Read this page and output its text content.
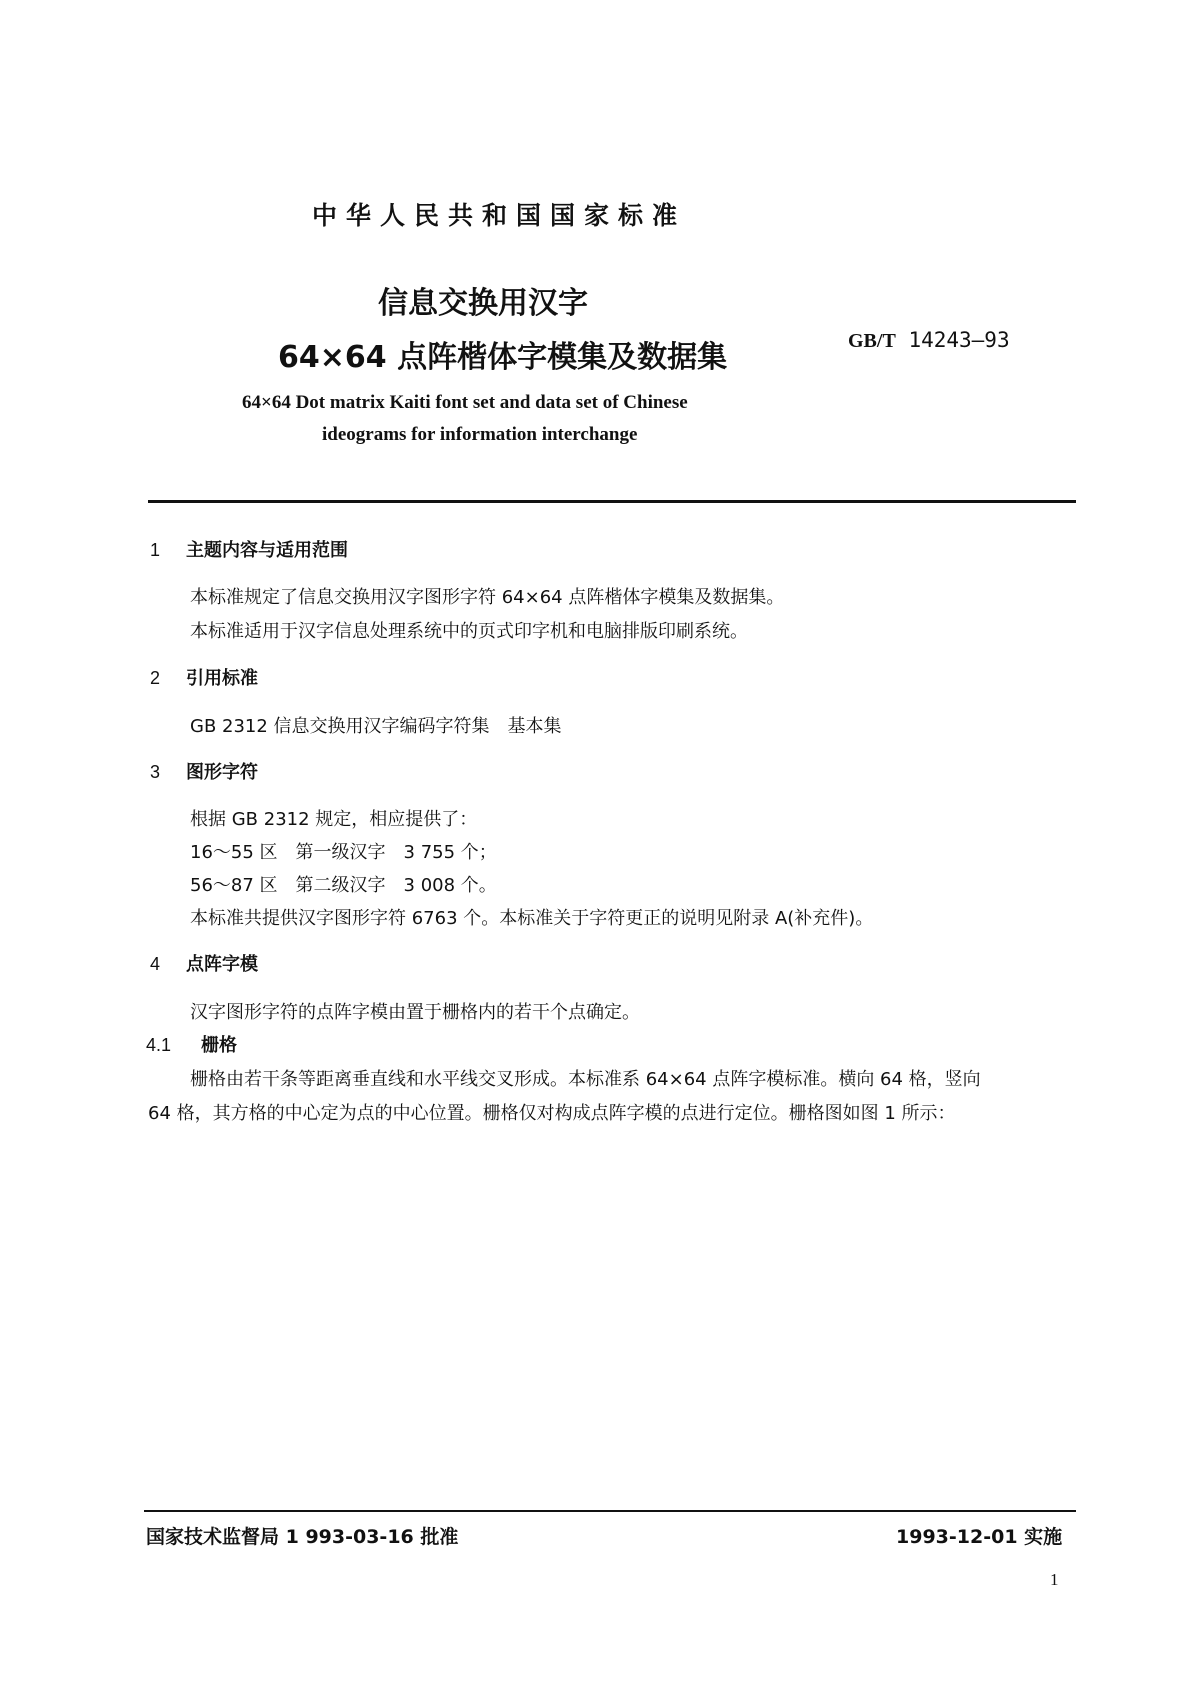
中华人民共和国国家标准
信息交换用汉字
64×64 点阵楷体字模集及数据集	GB/T 14243—93
64×64 Dot matrix Kaiti font set and data set of Chinese
ideograms for information interchange
1 主题内容与适用范围
本标准规定了信息交换用汉字图形字符 64×64 点阵楷体字模集及数据集。
本标准适用于汉字信息处理系统中的页式印字机和电脑排版印刷系统。
2 引用标准
GB 2312 信息交换用汉字编码字符集　基本集
3 图形字符
根据 GB 2312 规定，相应提供了：
16～55 区　第一级汉字　3 755 个；
56～87 区　第二级汉字　3 008 个。
本标准共提供汉字图形字符 6763 个。本标准关于字符更正的说明见附录 A(补充件)。
4 点阵字模
汉字图形字符的点阵字模由置于栅格内的若干个点确定。
4.1 栅格
栅格由若干条等距离垂直线和水平线交叉形成。本标准系 64×64 点阵字模标准。横向 64 格，竖向
64 格，其方格的中心定为点的中心位置。栅格仅对构成点阵字模的点进行定位。栅格图如图 1 所示：
国家技术监督局 1 993-03-16 批准	1993-12-01 实施
1
